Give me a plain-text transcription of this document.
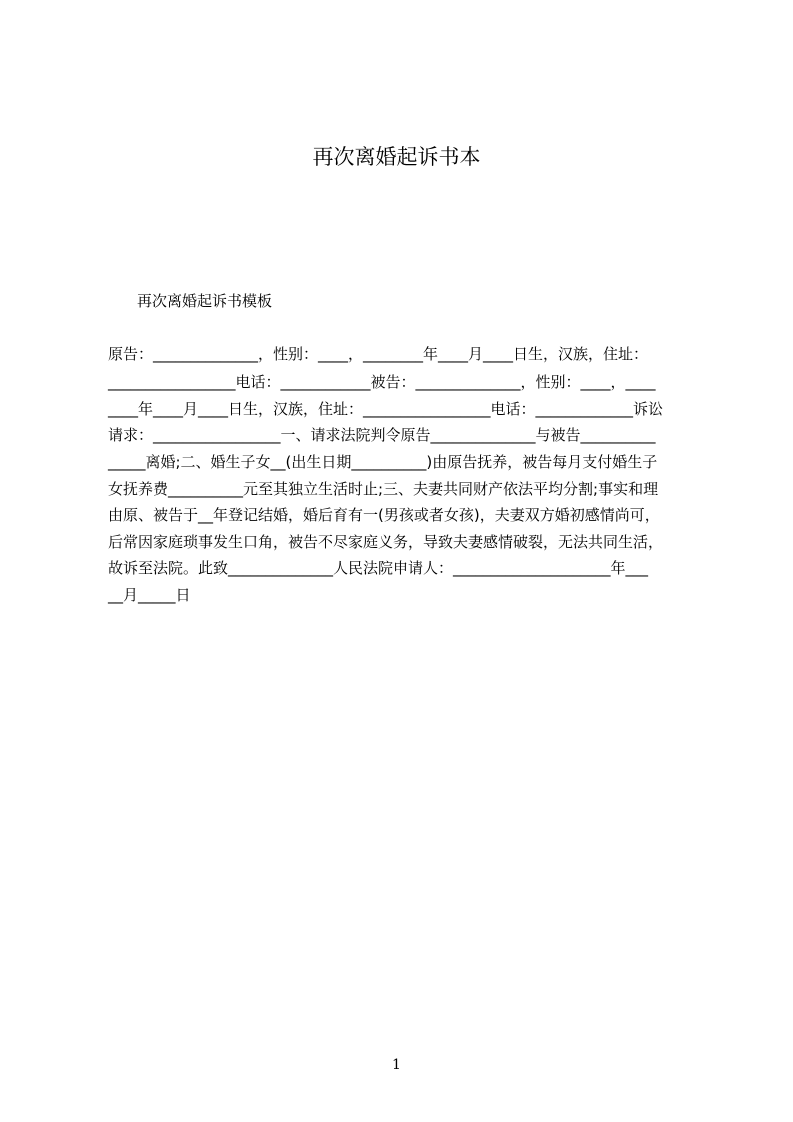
再次离婚起诉书本
再次离婚起诉书模板
原告：______________，性别：____，________年____月____日生，汉族，住址：
_________________电话：____________被告：______________，性别：____，____
____年____月____日生，汉族，住址：_________________电话：_____________诉讼
请求：_________________一、请求法院判令原告______________与被告__________
_____离婚;二、婚生子女__(出生日期__________)由原告抚养，被告每月支付婚生子
女抚养费__________元至其独立生活时止;三、夫妻共同财产依法平均分割;事实和理
由原、被告于__年登记结婚，婚后育有一(男孩或者女孩)，夫妻双方婚初感情尚可，
后常因家庭琐事发生口角，被告不尽家庭义务，导致夫妻感情破裂，无法共同生活，
故诉至法院。此致______________人民法院申请人：_____________________年___
__月_____日
1
